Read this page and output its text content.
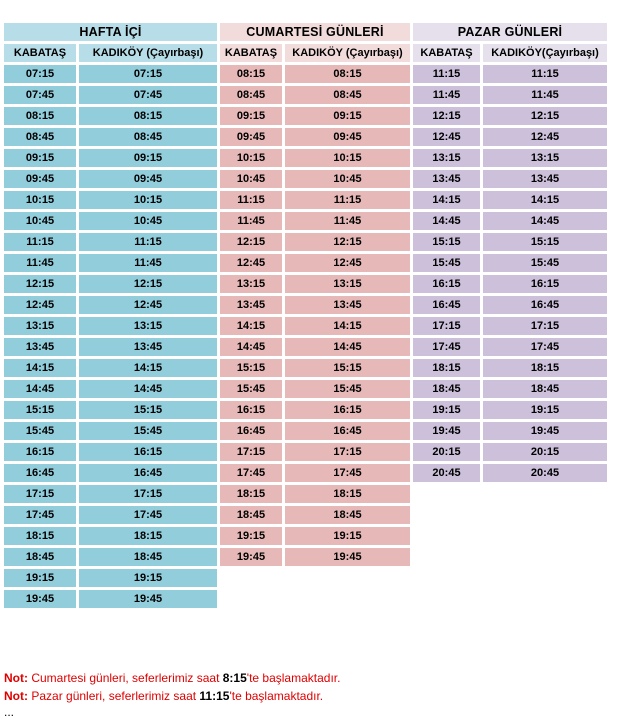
HAFTA İÇİ
KABATAŞ	KADIKÖY (Çayırbaşı)
07:15	07:15
07:45	07:45
08:15	08:15
08:45	08:45
09:15	09:15
09:45	09:45
10:15	10:15
10:45	10:45
11:15	11:15
11:45	11:45
12:15	12:15
12:45	12:45
13:15	13:15
13:45	13:45
14:15	14:15
14:45	14:45
15:15	15:15
15:45	15:45
16:15	16:15
16:45	16:45
17:15	17:15
17:45	17:45
18:15	18:15
18:45	18:45
19:15	19:15
19:45	19:45
CUMARTESİ GÜNLERİ
KABATAŞ	KADIKÖY (Çayırbaşı)
08:15	08:15
08:45	08:45
09:15	09:15
09:45	09:45
10:15	10:15
10:45	10:45
11:15	11:15
11:45	11:45
12:15	12:15
12:45	12:45
13:15	13:15
13:45	13:45
14:15	14:15
14:45	14:45
15:15	15:15
15:45	15:45
16:15	16:15
16:45	16:45
17:15	17:15
17:45	17:45
18:15	18:15
18:45	18:45
19:15	19:15
19:45	19:45
PAZAR GÜNLERİ
KABATAŞ	KADIKÖY(Çayırbaşı)
11:15	11:15
11:45	11:45
12:15	12:15
12:45	12:45
13:15	13:15
13:45	13:45
14:15	14:15
14:45	14:45
15:15	15:15
15:45	15:45
16:15	16:15
16:45	16:45
17:15	17:15
17:45	17:45
18:15	18:15
18:45	18:45
19:15	19:15
19:45	19:45
20:15	20:15
20:45	20:45
Not: Cumartesi günleri, seferlerimiz saat 8:15'te başlamaktadır.
Not: Pazar günleri, seferlerimiz saat 11:15'te başlamaktadır.
...
